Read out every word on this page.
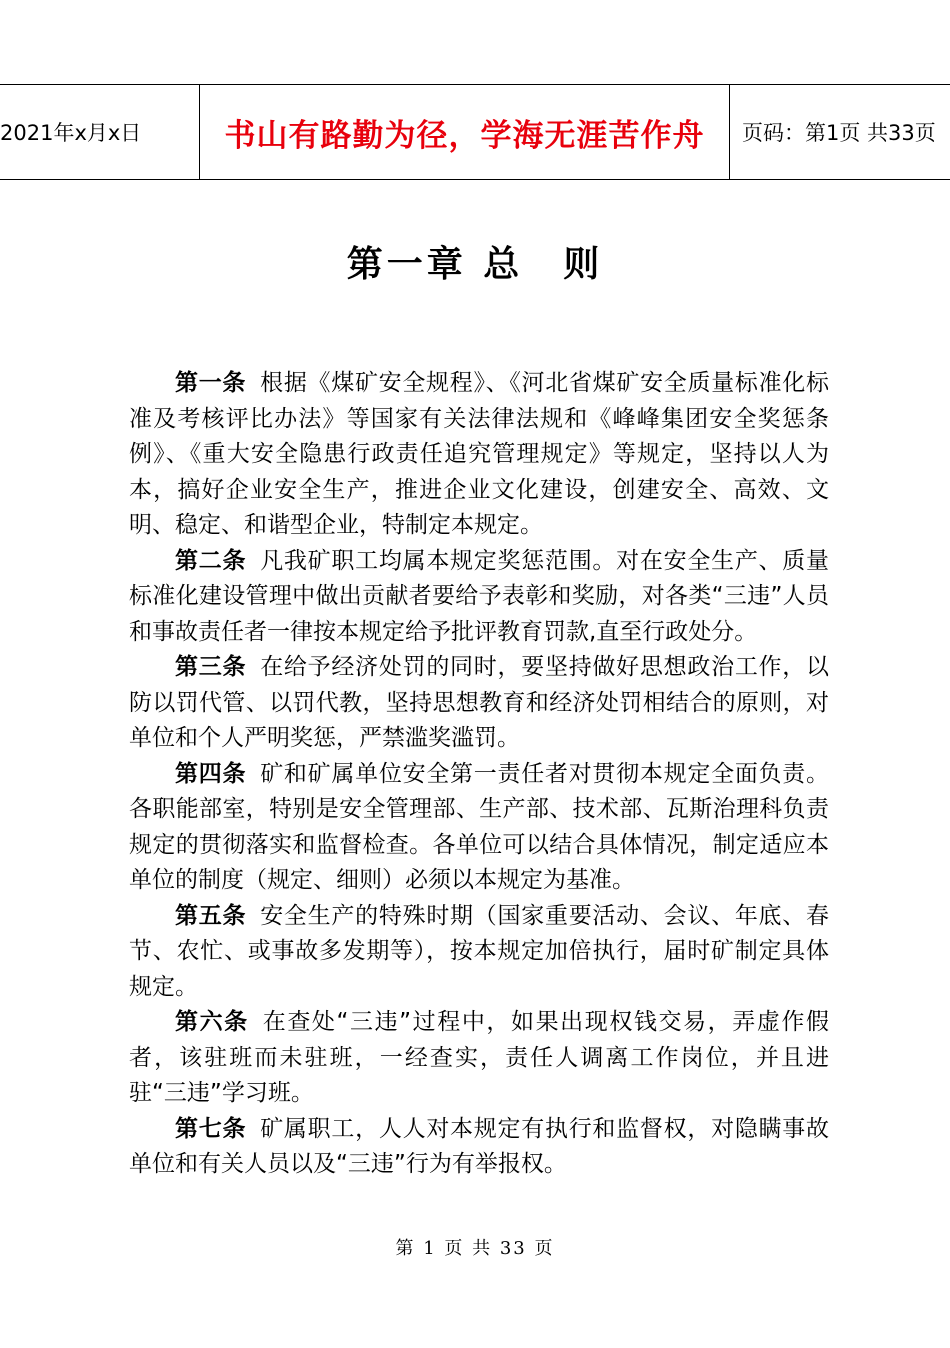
2021年x月x日	书山有路勤为径，学海无涯苦作舟	页码：第1页 共33页
第一章 总　则

第一条 根据《煤矿安全规程》、《河北省煤矿安全质量标准化标准及考核评比办法》等国家有关法律法规和《峰峰集团安全奖惩条例》、《重大安全隐患行政责任追究管理规定》等规定，坚持以人为本，搞好企业安全生产，推进企业文化建设，创建安全、高效、文明、稳定、和谐型企业，特制定本规定。

第二条 凡我矿职工均属本规定奖惩范围。对在安全生产、质量标准化建设管理中做出贡献者要给予表彰和奖励，对各类“三违”人员和事故责任者一律按本规定给予批评教育罚款,直至行政处分。

第三条 在给予经济处罚的同时，要坚持做好思想政治工作，以防以罚代管、以罚代教，坚持思想教育和经济处罚相结合的原则，对单位和个人严明奖惩，严禁滥奖滥罚。

第四条 矿和矿属单位安全第一责任者对贯彻本规定全面负责。各职能部室，特别是安全管理部、生产部、技术部、瓦斯治理科负责规定的贯彻落实和监督检查。各单位可以结合具体情况，制定适应本单位的制度（规定、细则）必须以本规定为基准。

第五条 安全生产的特殊时期（国家重要活动、会议、年底、春节、农忙、或事故多发期等），按本规定加倍执行，届时矿制定具体规定。

第六条 在查处“三违”过程中，如果出现权钱交易，弄虚作假者，该驻班而未驻班，一经查实，责任人调离工作岗位，并且进驻“三违”学习班。

第七条 矿属职工，人人对本规定有执行和监督权，对隐瞒事故单位和有关人员以及“三违”行为有举报权。

第 1 页 共 33 页
